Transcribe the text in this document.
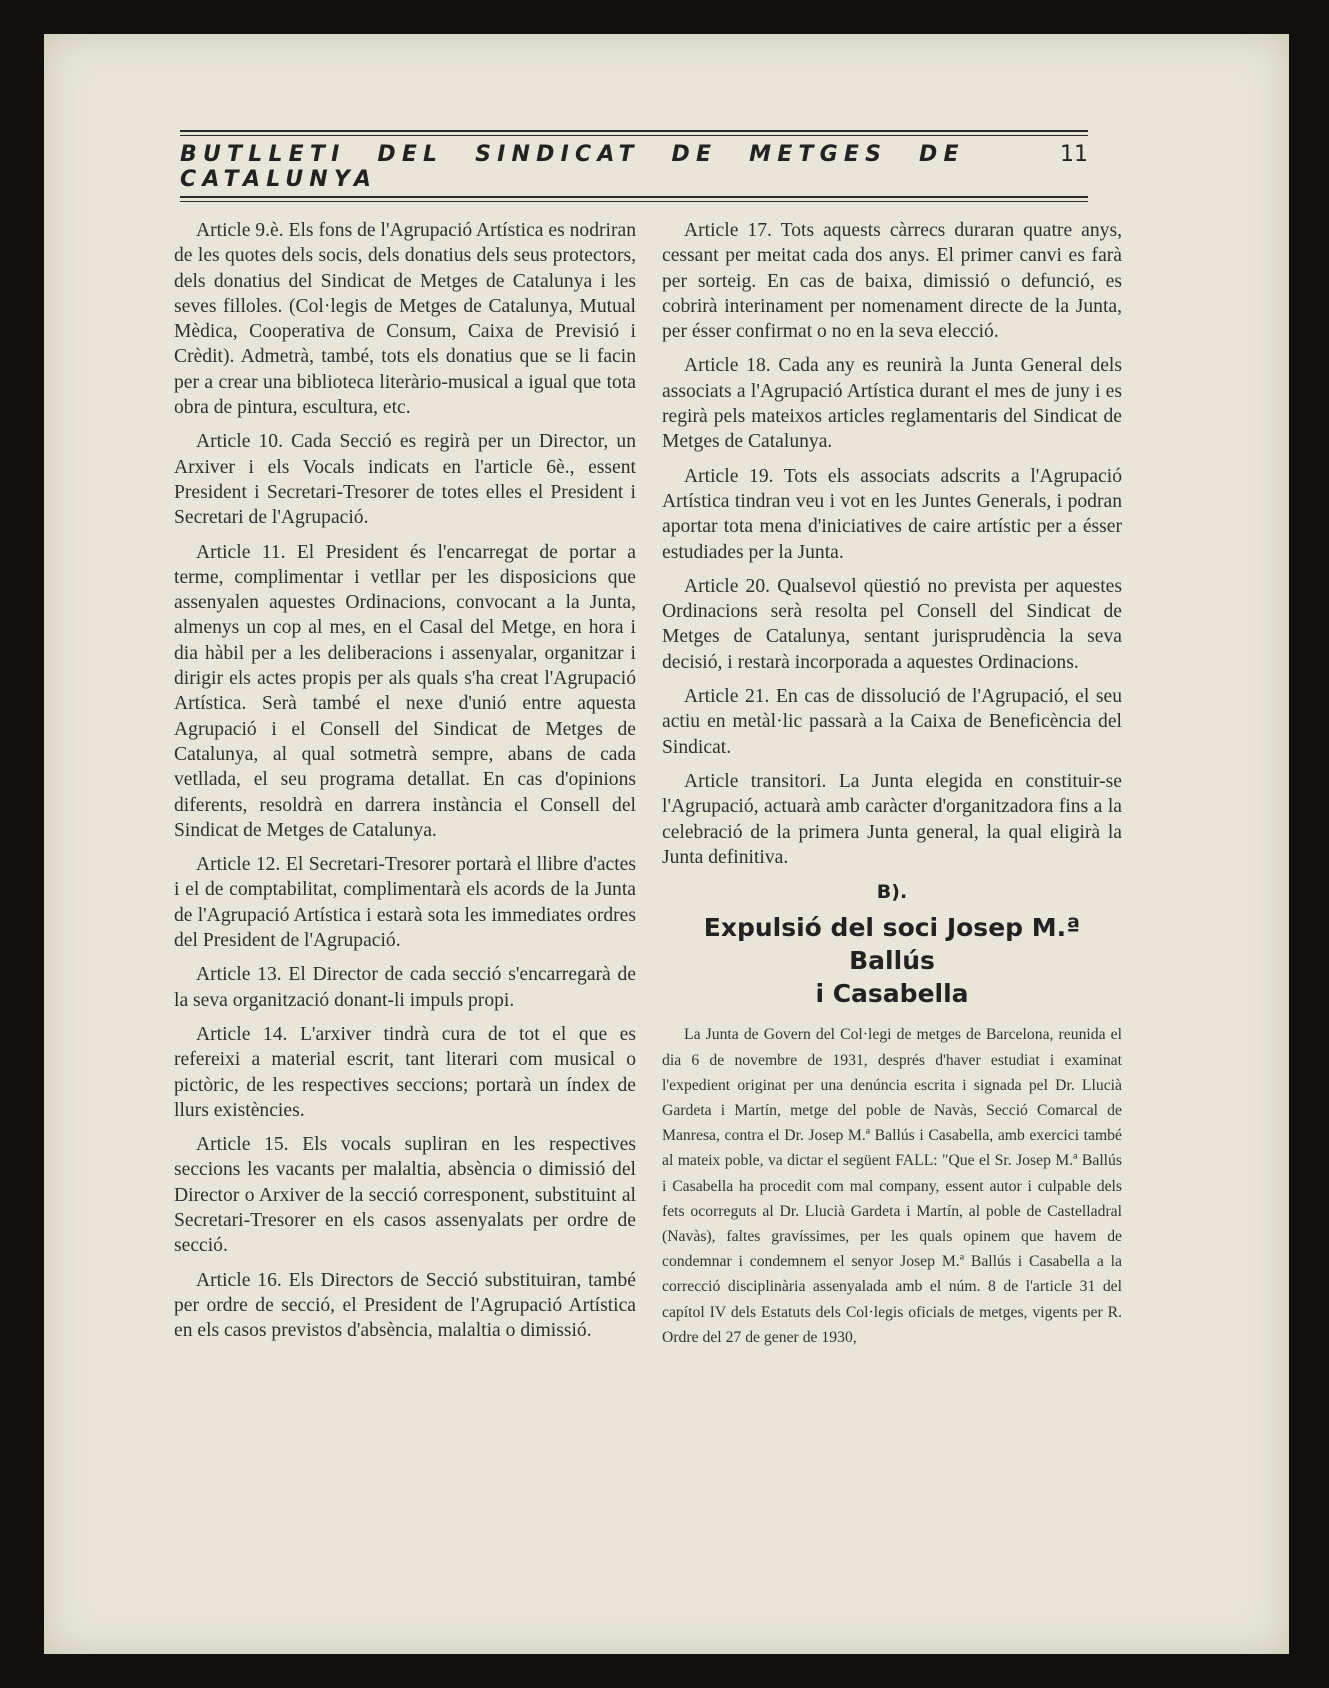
BUTLLETI DEL SINDICAT DE METGES DE CATALUNYA
11

Article 9.è. Els fons de l'Agrupació Artística es nodriran de les quotes dels socis, dels donatius dels seus protectors, dels donatius del Sindicat de Metges de Catalunya i les seves filloles. (Col·legis de Metges de Catalunya, Mutual Mèdica, Cooperativa de Consum, Caixa de Previsió i Crèdit). Admetrà, també, tots els donatius que se li facin per a crear una biblioteca literàrio-musical a igual que tota obra de pintura, escultura, etc.

Article 10. Cada Secció es regirà per un Director, un Arxiver i els Vocals indicats en l'article 6è., essent President i Secretari-Tresorer de totes elles el President i Secretari de l'Agrupació.

Article 11. El President és l'encarregat de portar a terme, complimentar i vetllar per les disposicions que assenyalen aquestes Ordinacions, convocant a la Junta, almenys un cop al mes, en el Casal del Metge, en hora i dia hàbil per a les deliberacions i assenyalar, organitzar i dirigir els actes propis per als quals s'ha creat l'Agrupació Artística. Serà també el nexe d'unió entre aquesta Agrupació i el Consell del Sindicat de Metges de Catalunya, al qual sotmetrà sempre, abans de cada vetllada, el seu programa detallat. En cas d'opinions diferents, resoldrà en darrera instància el Consell del Sindicat de Metges de Catalunya.

Article 12. El Secretari-Tresorer portarà el llibre d'actes i el de comptabilitat, complimentarà els acords de la Junta de l'Agrupació Artística i estarà sota les immediates ordres del President de l'Agrupació.

Article 13. El Director de cada secció s'encarregarà de la seva organització donant-li impuls propi.

Article 14. L'arxiver tindrà cura de tot el que es refereixi a material escrit, tant literari com musical o pictòric, de les respectives seccions; portarà un índex de llurs existències.

Article 15. Els vocals supliran en les respectives seccions les vacants per malaltia, absència o dimissió del Director o Arxiver de la secció corresponent, substituint al Secretari-Tresorer en els casos assenyalats per ordre de secció.

Article 16. Els Directors de Secció substituiran, també per ordre de secció, el President de l'Agrupació Artística en els casos previstos d'absència, malaltia o dimissió.

Article 17. Tots aquests càrrecs duraran quatre anys, cessant per meitat cada dos anys. El primer canvi es farà per sorteig. En cas de baixa, dimissió o defunció, es cobrirà interinament per nomenament directe de la Junta, per ésser confirmat o no en la seva elecció.

Article 18. Cada any es reunirà la Junta General dels associats a l'Agrupació Artística durant el mes de juny i es regirà pels mateixos articles reglamentaris del Sindicat de Metges de Catalunya.

Article 19. Tots els associats adscrits a l'Agrupació Artística tindran veu i vot en les Juntes Generals, i podran aportar tota mena d'iniciatives de caire artístic per a ésser estudiades per la Junta.

Article 20. Qualsevol qüestió no prevista per aquestes Ordinacions serà resolta pel Consell del Sindicat de Metges de Catalunya, sentant jurisprudència la seva decisió, i restarà incorporada a aquestes Ordinacions.

Article 21. En cas de dissolució de l'Agrupació, el seu actiu en metàl·lic passarà a la Caixa de Beneficència del Sindicat.

Article transitori. La Junta elegida en constituir-se l'Agrupació, actuarà amb caràcter d'organitzadora fins a la celebració de la primera Junta general, la qual eligirà la Junta definitiva.

B).
Expulsió del soci Josep M.ª Ballús
i Casabella

La Junta de Govern del Col·legi de metges de Barcelona, reunida el dia 6 de novembre de 1931, després d'haver estudiat i examinat l'expedient originat per una denúncia escrita i signada pel Dr. Llucià Gardeta i Martín, metge del poble de Navàs, Secció Comarcal de Manresa, contra el Dr. Josep M.ª Ballús i Casabella, amb exercici també al mateix poble, va dictar el següent FALL: "Que el Sr. Josep M.ª Ballús i Casabella ha procedit com mal company, essent autor i culpable dels fets ocorreguts al Dr. Llucià Gardeta i Martín, al poble de Castelladral (Navàs), faltes gravíssimes, per les quals opinem que havem de condemnar i condemnem el senyor Josep M.ª Ballús i Casabella a la correcció disciplinària assenyalada amb el núm. 8 de l'article 31 del capítol IV dels Estatuts dels Col·legis oficials de metges, vigents per R. Ordre del 27 de gener de 1930,
